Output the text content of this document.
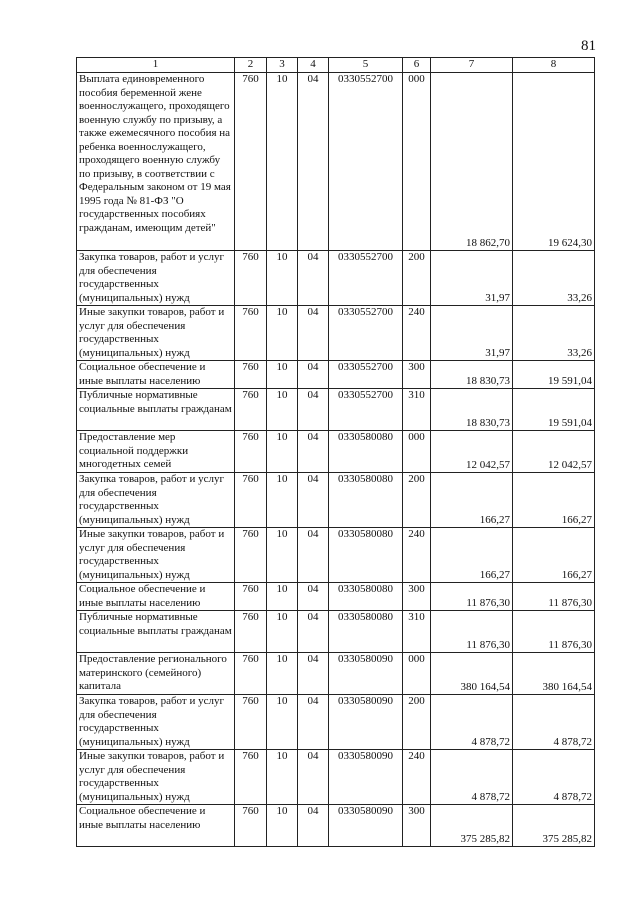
81
1	2	3	4	5	6	7	8
Выплата единовременного пособия беременной жене военнослужащего, проходящего военную службу по призыву, а также ежемесячного пособия на ребенка военнослужащего, проходящего военную службу по призыву, в соответствии с Федеральным законом от 19 мая 1995 года № 81-ФЗ "О государственных пособиях гражданам, имеющим детей"	760	10	04	0330552700	000	18 862,70	19 624,30
Закупка товаров, работ и услуг для обеспечения государственных (муниципальных) нужд	760	10	04	0330552700	200	31,97	33,26
Иные закупки товаров, работ и услуг для обеспечения государственных (муниципальных) нужд	760	10	04	0330552700	240	31,97	33,26
Социальное обеспечение и иные выплаты населению	760	10	04	0330552700	300	18 830,73	19 591,04
Публичные нормативные социальные выплаты гражданам	760	10	04	0330552700	310	18 830,73	19 591,04
Предоставление мер социальной поддержки многодетных семей	760	10	04	0330580080	000	12 042,57	12 042,57
Закупка товаров, работ и услуг для обеспечения государственных (муниципальных) нужд	760	10	04	0330580080	200	166,27	166,27
Иные закупки товаров, работ и услуг для обеспечения государственных (муниципальных) нужд	760	10	04	0330580080	240	166,27	166,27
Социальное обеспечение и иные выплаты населению	760	10	04	0330580080	300	11 876,30	11 876,30
Публичные нормативные социальные выплаты гражданам	760	10	04	0330580080	310	11 876,30	11 876,30
Предоставление регионального материнского (семейного) капитала	760	10	04	0330580090	000	380 164,54	380 164,54
Закупка товаров, работ и услуг для обеспечения государственных (муниципальных) нужд	760	10	04	0330580090	200	4 878,72	4 878,72
Иные закупки товаров, работ и услуг для обеспечения государственных (муниципальных) нужд	760	10	04	0330580090	240	4 878,72	4 878,72
Социальное обеспечение и иные выплаты населению	760	10	04	0330580090	300	375 285,82	375 285,82
